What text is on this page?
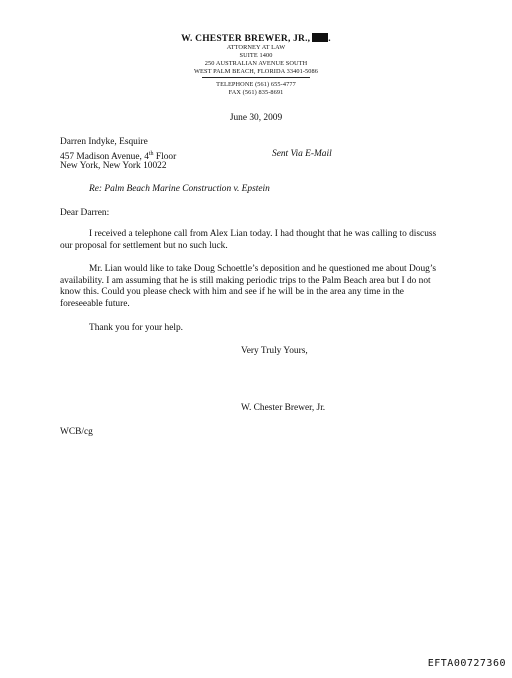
W. CHESTER BREWER, JR., .
ATTORNEY AT LAW
SUITE 1400
250 AUSTRALIAN AVENUE SOUTH
WEST PALM BEACH, FLORIDA 33401-5086
TELEPHONE (561) 655-4777
FAX (561) 835-8691
June 30, 2009
Darren Indyke, Esquire
457 Madison Avenue, 4th Floor
New York, New York 10022
Sent Via E-Mail
Re: Palm Beach Marine Construction v. Epstein
Dear Darren:
I received a telephone call from Alex Lian today. I had thought that he was calling to discuss our proposal for settlement but no such luck.
Mr. Lian would like to take Doug Schoettle’s deposition and he questioned me about Doug’s availability. I am assuming that he is still making periodic trips to the Palm Beach area but I do not know this. Could you please check with him and see if he will be in the area any time in the foreseeable future.
Thank you for your help.
Very Truly Yours,
W. Chester Brewer, Jr.
WCB/cg
EFTA00727360
